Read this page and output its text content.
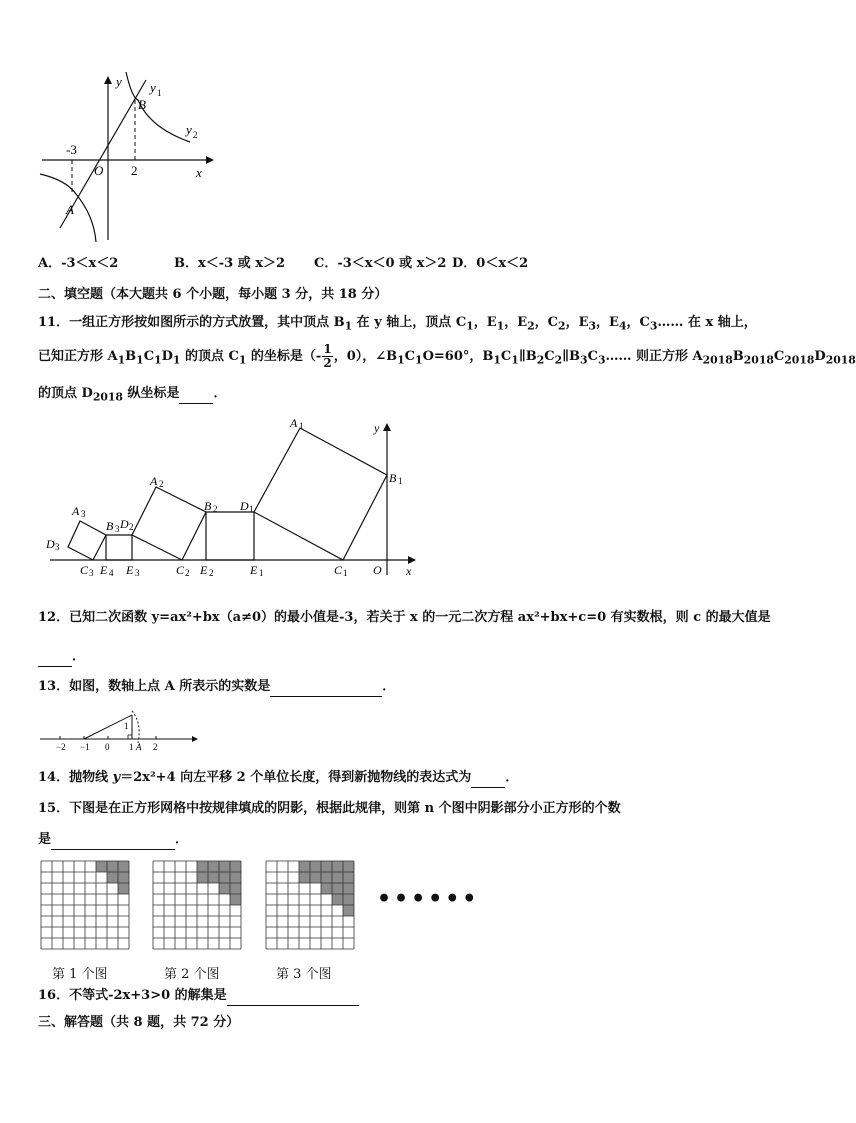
y y 1
y 2
B
-3
O 2	x
A
A．-3＜x＜2	B．x＜-3 或 x＞2 C．-3＜x＜0 或 x＞2 D．0＜x＜2
二、填空题（本大题共 6 个小题，每小题 3 分，共 18 分）
11．一组正方形按如图所示的方式放置，其中顶点 $B_1$ 在 y 轴上，顶点 $C_1$，$E_1$，$E_2$，$C_2$，$E_3$，$E_4$，$C_3\dots\dots$ 在 x 轴上，
已知正方形 $A_1B_1C_1D_1$ 的顶点 $C_1$ 的坐标是（- $\frac{1}{2}$ ，0），$\angle B_1C_1O=60^\circ$，$B_1C_1\parallel B_2C_2\parallel B_3C_3\dots\dots$ 则正方形 $A_{2018}B_{2018}C_{2018}D_{2018}$
的顶点 $D_{2018}$ 纵坐标是	．
A 1
B 1
D 1
A 2
B 2
D 2
A 3
B 3
D 3
C 3 E 4 E 3	C 2 E 2	E 1	C 1 O x
y
12．已知二次函数 y=ax²+bx（a≠0）的最小值是-3，若关于 x 的一元二次方程 ax²+bx+c=0 有实数根，则 c 的最大值是
．
13．如图，数轴上点 A 所表示的实数是	．
−2 −1 0 1 2
A
1
14．抛物线 y＝2x²+4 向左平移 2 个单位长度，得到新抛物线的表达式为	．
15．下图是在正方形网格中按规律填成的阴影，根据此规律，则第 n 个图中阴影部分小正方形的个数
是	．
••••••
第 1 个图	第 2 个图	第 3 个图
16．不等式-2x+3>0 的解集是
三、解答题（共 8 题，共 72 分）
